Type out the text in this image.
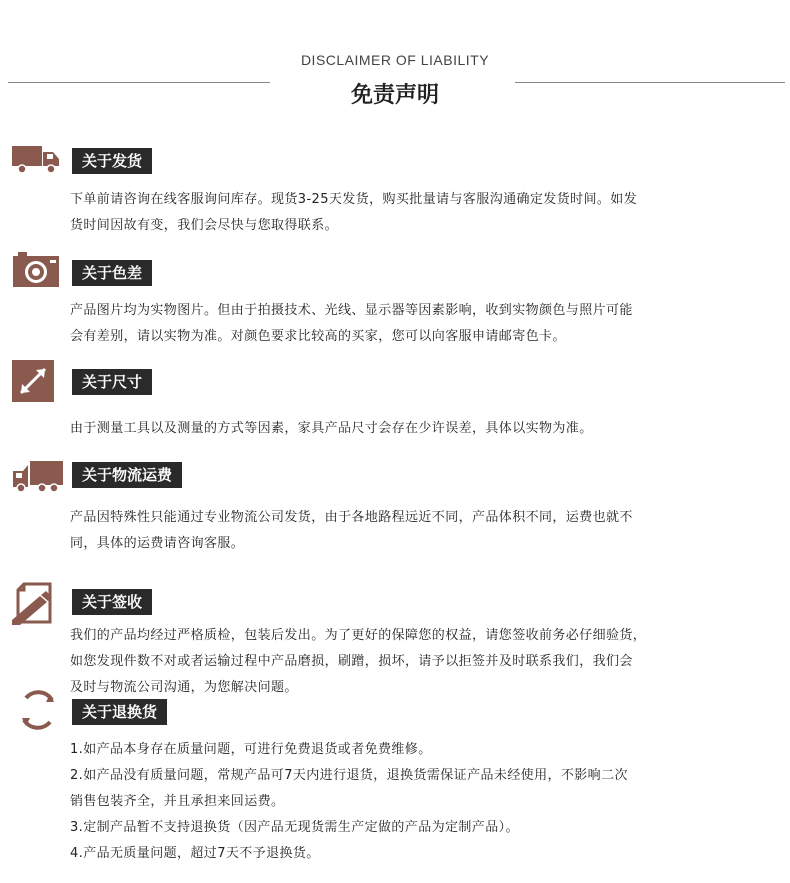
DISCLAIMER OF LIABILITY
免责声明
关于发货

下单前请咨询在线客服询问库存。现货3-25天发货，购买批量请与客服沟通确定发货时间。如发

货时间因故有变，我们会尽快与您取得联系。

关于色差

产品图片均为实物图片。但由于拍摄技术、光线、显示器等因素影响，收到实物颜色与照片可能

会有差别，请以实物为准。对颜色要求比较高的买家，您可以向客服申请邮寄色卡。

关于尺寸

由于测量工具以及测量的方式等因素，家具产品尺寸会存在少许误差，具体以实物为准。

关于物流运费

产品因特殊性只能通过专业物流公司发货，由于各地路程远近不同，产品体积不同，运费也就不

同，具体的运费请咨询客服。

关于签收

我们的产品均经过严格质检，包装后发出。为了更好的保障您的权益，请您签收前务必仔细验货，

如您发现件数不对或者运输过程中产品磨损，刷蹭，损坏，请予以拒签并及时联系我们，我们会

及时与物流公司沟通，为您解决问题。

关于退换货

1.如产品本身存在质量问题，可进行免费退货或者免费维修。

2.如产品没有质量问题，常规产品可7天内进行退货，退换货需保证产品未经使用，不影响二次

销售包装齐全，并且承担来回运费。

3.定制产品暂不支持退换货（因产品无现货需生产定做的产品为定制产品）。

4.产品无质量问题，超过7天不予退换货。
